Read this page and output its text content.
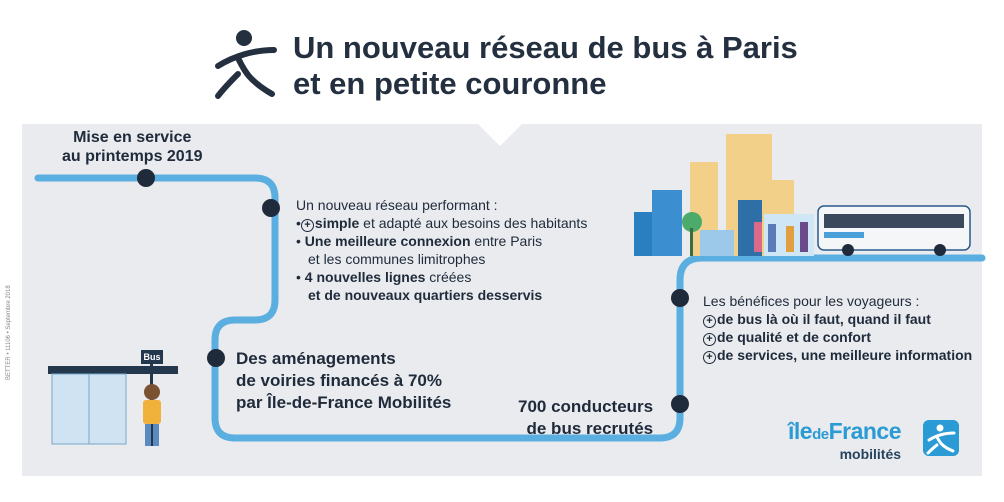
Un nouveau réseau de bus à Paris
et en petite couronne
Bus
Mise en service
au printemps 2019
Un nouveau réseau performant :
• + simple et adapté aux besoins des habitants
• Une meilleure connexion entre Paris
et les communes limitrophes
• 4 nouvelles lignes créées
et de nouveaux quartiers desservis
Des aménagements
de voiries financés à 70%
par Île-de-France Mobilités	700 conducteurs
de bus recrutés
Les bénéfices pour les voyageurs :
+ de bus là où il faut, quand il faut
+ de qualité et de confort
+ de services, une meilleure information
îledeFrance
mobilités
BETTER • 11106 • Septembre 2018
